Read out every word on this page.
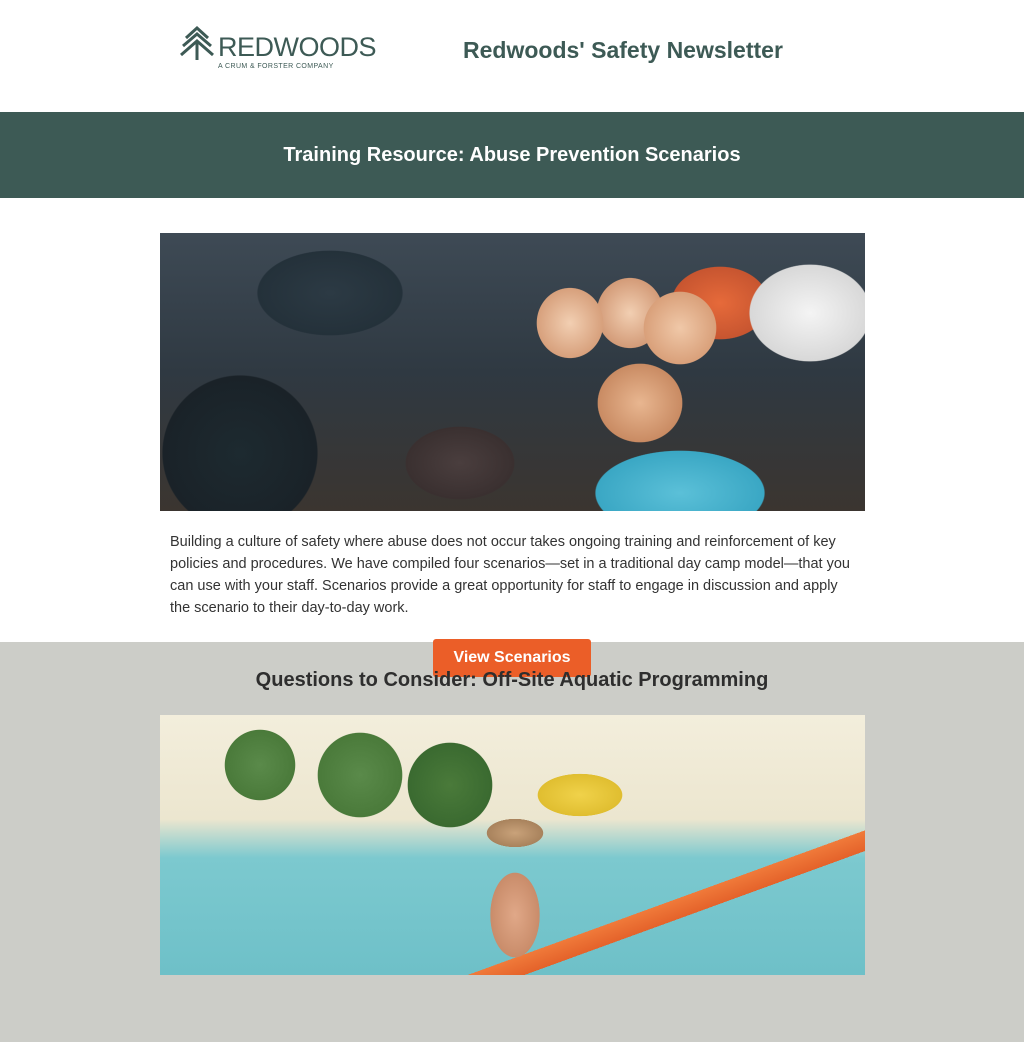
REDWOODS
A CRUM & FORSTER COMPANY
Redwoods' Safety Newsletter
Training Resource: Abuse Prevention Scenarios
Building a culture of safety where abuse does not occur takes ongoing training and reinforcement of key policies and procedures. We have compiled four scenarios—set in a traditional day camp model—that you can use with your staff. Scenarios provide a great opportunity for staff to engage in discussion and apply the scenario to their day-to-day work.
View Scenarios
Questions to Consider: Off-Site Aquatic Programming
